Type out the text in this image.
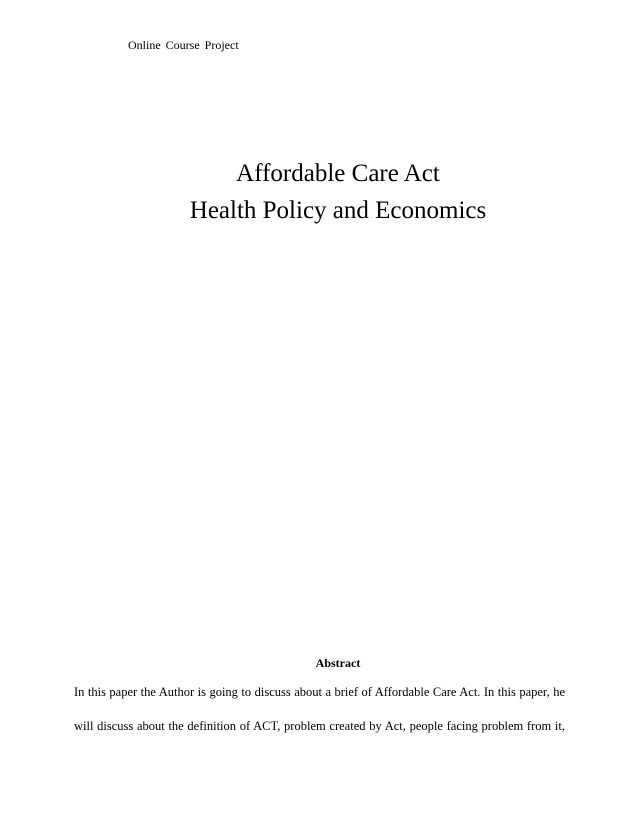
Online Course Project
Affordable Care Act
Health Policy and Economics
Abstract
In this paper the Author is going to discuss about a brief of Affordable Care Act. In this paper, he
will discuss about the definition of ACT, problem created by Act, people facing problem from it,
